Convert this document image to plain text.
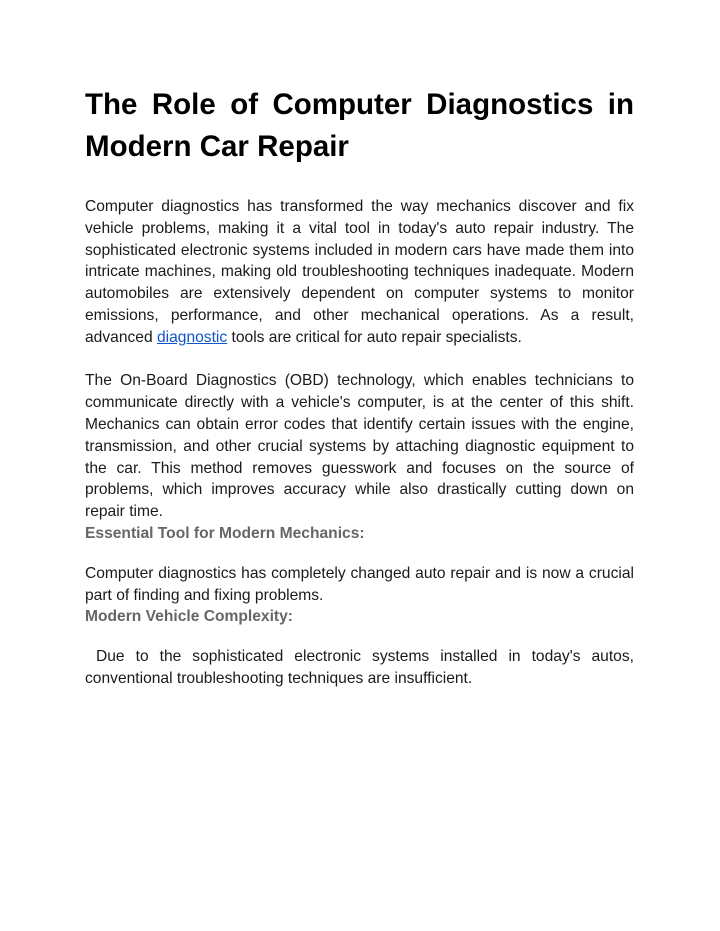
The Role of Computer Diagnostics in Modern Car Repair

Computer diagnostics has transformed the way mechanics discover and fix vehicle problems, making it a vital tool in today's auto repair industry. The sophisticated electronic systems included in modern cars have made them into intricate machines, making old troubleshooting techniques inadequate. Modern automobiles are extensively dependent on computer systems to monitor emissions, performance, and other mechanical operations. As a result, advanced diagnostic tools are critical for auto repair specialists.

The On-Board Diagnostics (OBD) technology, which enables technicians to communicate directly with a vehicle's computer, is at the center of this shift. Mechanics can obtain error codes that identify certain issues with the engine, transmission, and other crucial systems by attaching diagnostic equipment to the car. This method removes guesswork and focuses on the source of problems, which improves accuracy while also drastically cutting down on repair time.

Essential Tool for Modern Mechanics:

Computer diagnostics has completely changed auto repair and is now a crucial part of finding and fixing problems.

Modern Vehicle Complexity:

Due to the sophisticated electronic systems installed in today's autos, conventional troubleshooting techniques are insufficient.
